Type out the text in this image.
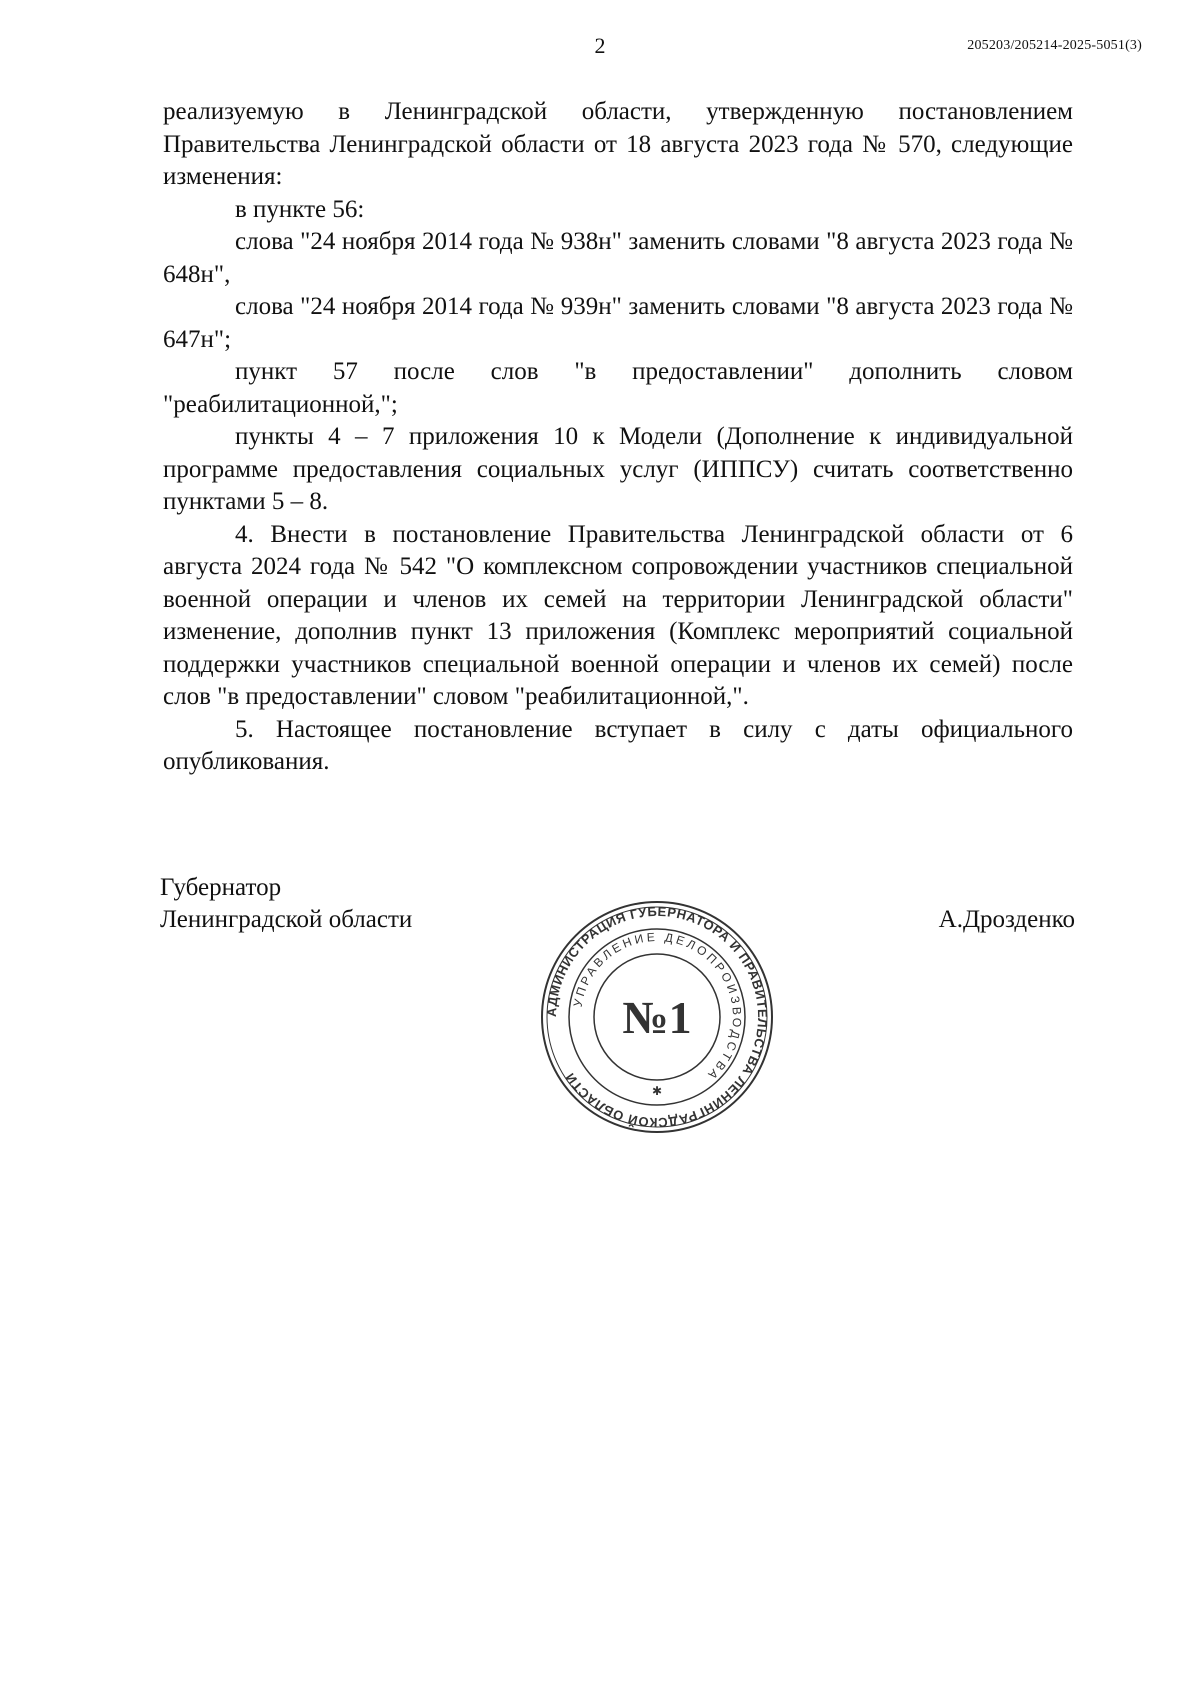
2	205203/205214-2025-5051(3)

реализуемую в Ленинградской области, утвержденную постановлением Правительства Ленинградской области от 18 августа 2023 года № 570, следующие изменения:

в пункте 56:

слова "24 ноября 2014 года № 938н" заменить словами "8 августа 2023 года № 648н",

слова "24 ноября 2014 года № 939н" заменить словами "8 августа 2023 года № 647н";

пункт 57 после слов "в предоставлении" дополнить словом "реабилитационной,";

пункты 4 – 7 приложения 10 к Модели (Дополнение к индивидуальной программе предоставления социальных услуг (ИППСУ) считать соответственно пунктами 5 – 8.

4. Внести в постановление Правительства Ленинградской области от 6 августа 2024 года № 542 "О комплексном сопровождении участников специальной военной операции и членов их семей на территории Ленинградской области" изменение, дополнив пункт 13 приложения (Комплекс мероприятий социальной поддержки участников специальной военной операции и членов их семей) после слов "в предоставлении" словом "реабилитационной,".

5. Настоящее постановление вступает в силу с даты официального опубликования.

Губернатор
Ленинградской области	А.Дрозденко
АДМИНИСТРАЦИЯ ГУБЕРНАТОРА И ПРАВИТЕЛЬСТВА ЛЕНИНГРАДСКОЙ ОБЛАСТИ
УПРАВЛЕНИЕ ДЕЛОПРОИЗВОДСТВА
№1
✱
